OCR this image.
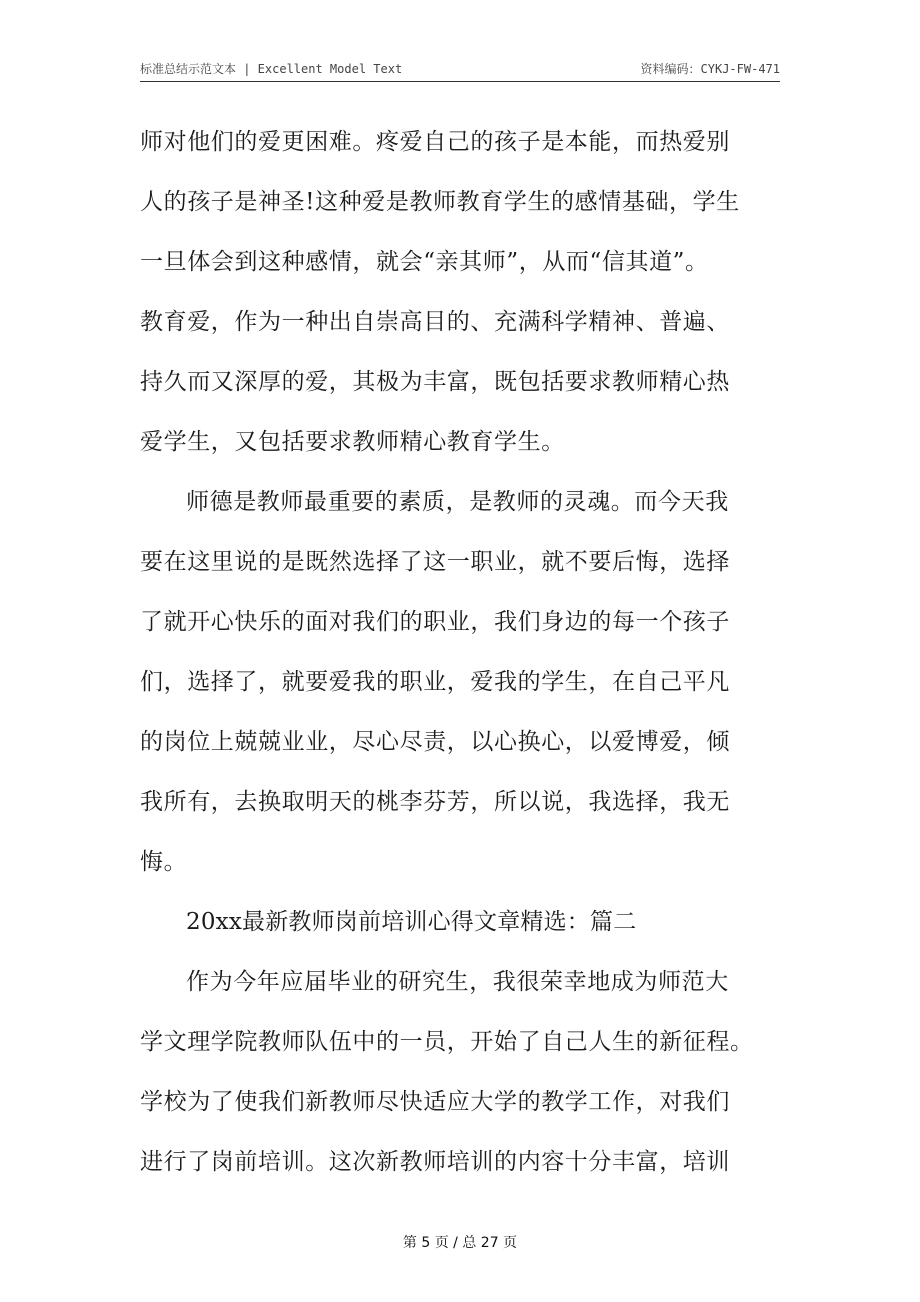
标准总结示范文本 | Excellent Model Text	资料编码：CYKJ-FW-471
师对他们的爱更困难。疼爱自己的孩子是本能，而热爱别
人的孩子是神圣!这种爱是教师教育学生的感情基础，学生
一旦体会到这种感情，就会“亲其师”，从而“信其道”。
教育爱，作为一种出自崇高目的、充满科学精神、普遍、
持久而又深厚的爱，其极为丰富，既包括要求教师精心热
爱学生，又包括要求教师精心教育学生。
师德是教师最重要的素质，是教师的灵魂。而今天我
要在这里说的是既然选择了这一职业，就不要后悔，选择
了就开心快乐的面对我们的职业，我们身边的每一个孩子
们，选择了，就要爱我的职业，爱我的学生，在自己平凡
的岗位上兢兢业业，尽心尽责，以心换心，以爱博爱，倾
我所有，去换取明天的桃李芬芳，所以说，我选择，我无
悔。
20xx最新教师岗前培训心得文章精选：篇二
作为今年应届毕业的研究生，我很荣幸地成为师范大
学文理学院教师队伍中的一员，开始了自己人生的新征程。
学校为了使我们新教师尽快适应大学的教学工作，对我们
进行了岗前培训。这次新教师培训的内容十分丰富，培训
第 5 页 / 总 27 页
